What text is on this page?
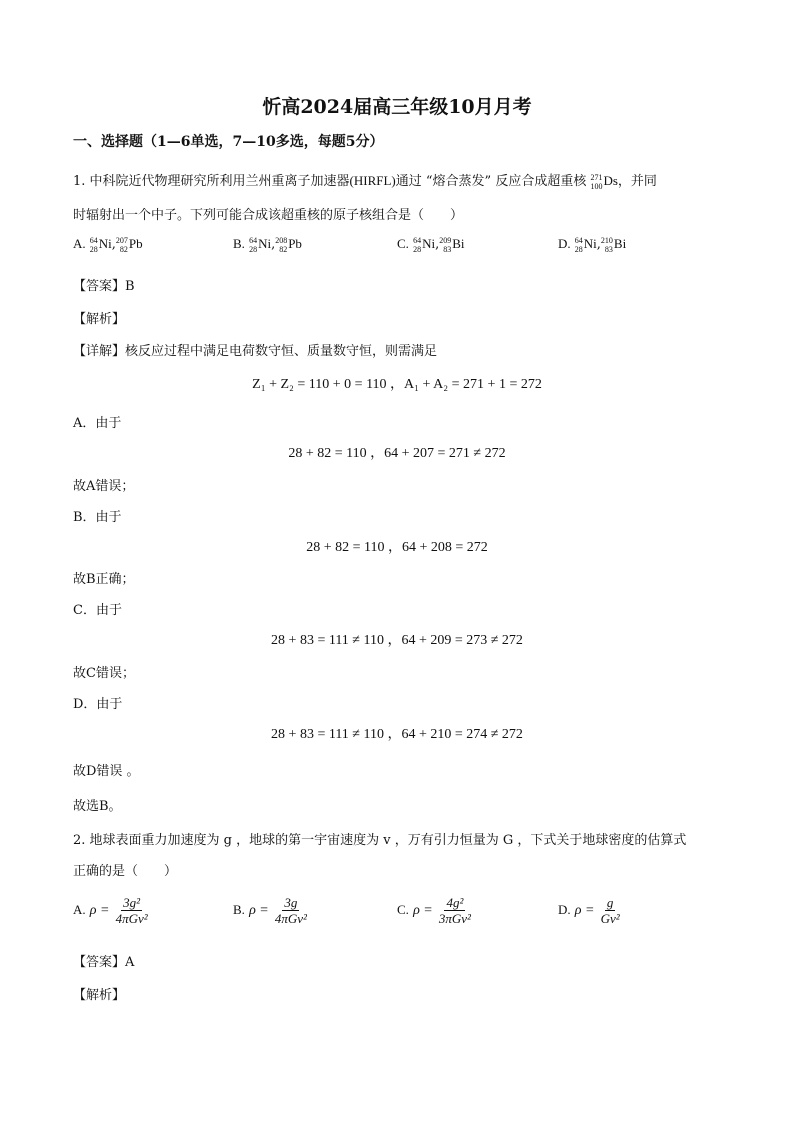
忻高2024届高三年级10月月考
一、选择题（1—6单选，7—10多选，每题5分）
1. 中科院近代物理研究所利用兰州重离子加速器(HIRFL)通过 “熔合蒸发” 反应合成超重核 271
100 Ds，并同
时辐射出一个中子。下列可能合成该超重核的原子核组合是（　　）
A. 64
28 Ni, 207
82 Pb	B. 64
28 Ni, 208
82 Pb	C. 64
28 Ni, 209
83 Bi	D. 64
28 Ni, 210
83 Bi
【答案】B
【解析】
【详解】核反应过程中满足电荷数守恒、质量数守恒，则需满足
Z₁ + Z₂ = 110 + 0 = 110 ，A₁ + A₂ = 271 + 1 = 272
A．由于
28 + 82 = 110 ，64 + 207 = 271 ≠ 272
故A错误；
B．由于
28 + 82 = 110 ，64 + 208 = 272
故B正确；
C．由于
28 + 83 = 111 ≠ 110 ，64 + 209 = 273 ≠ 272
故C错误；
D．由于
28 + 83 = 111 ≠ 110 ，64 + 210 = 274 ≠ 272
故D错误 。
故选B。
2. 地球表面重力加速度为 g ，地球的第一宇宙速度为 v ，万有引力恒量为 G ，下式关于地球密度的估算式
正确的是（　　）
A. $\rho = \frac{\text{3g²}}{\text{4πGv²}}$	B. $\rho = \frac{3g}{\text{4πGv²}}$	C. $\rho = \frac{\text{4g²}}{\text{3πGv²}}$	D. $\rho = \frac{g}{\text{Gv²}}$
【答案】A
【解析】
